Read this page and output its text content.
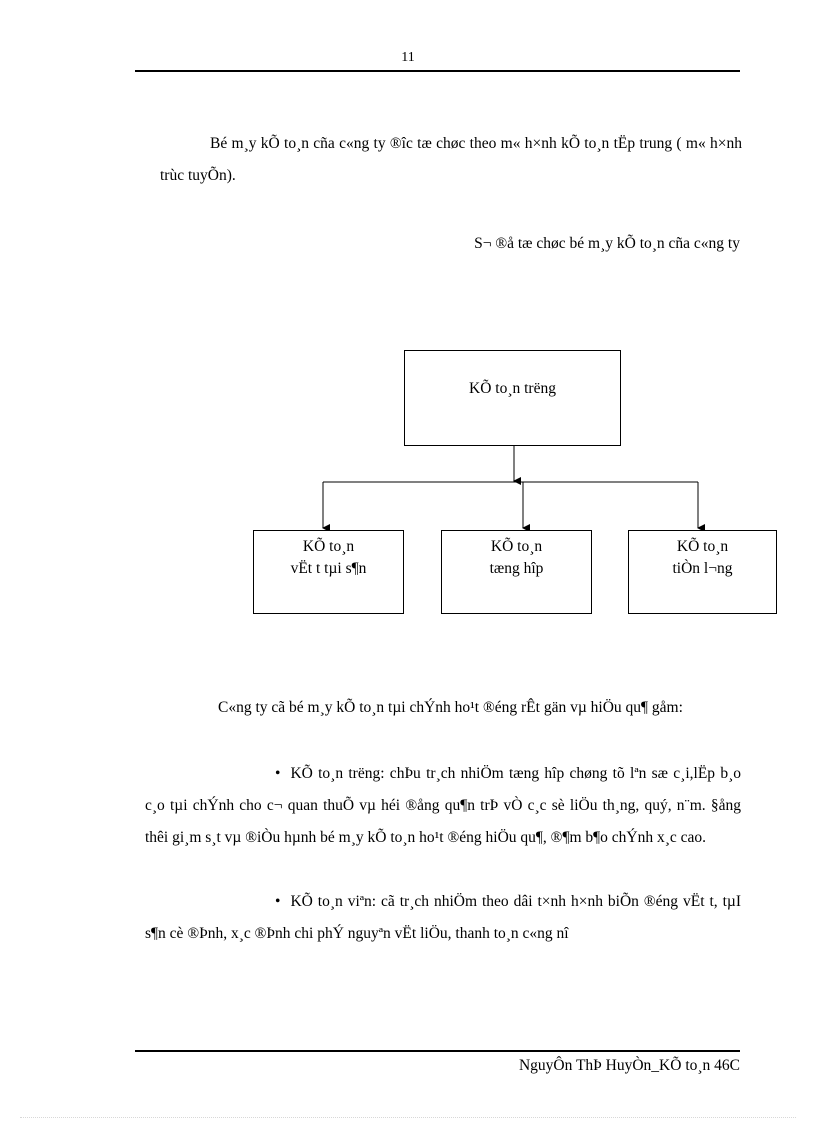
11
Bé m¸y kÕ to¸n cña c«ng ty ®îc tæ chøc theo m« h×nh kÕ to¸n tËp trung ( m« h×nh trùc tuyÕn).
S¬ ®å tæ chøc bé m¸y kÕ to¸n cña c«ng ty
KÕ to¸n trëng
KÕ to¸n
vËt t tµi s¶n
KÕ to¸n
tæng hîp
KÕ to¸n
tiÒn l¬ng
C«ng ty cã bé m¸y kÕ to¸n tµi chÝnh ho¹t ®éng rÊt gän vµ hiÖu qu¶ gåm:
• KÕ to¸n trëng: chÞu tr¸ch nhiÖm tæng hîp chøng tõ lªn sæ c¸i,lËp b¸o c¸o tµi chÝnh cho c¬ quan thuÕ vµ héi ®ång qu¶n trÞ vÒ c¸c sè liÖu th¸ng, quý, n¨m. §ång thêi gi¸m s¸t vµ ®iÒu hµnh bé m¸y kÕ to¸n ho¹t ®éng hiÖu qu¶, ®¶m b¶o chÝnh x¸c cao.
• KÕ to¸n viªn: cã tr¸ch nhiÖm theo dâi t×nh h×nh biÕn ®éng vËt t, tµI s¶n cè ®Þnh, x¸c ®Þnh chi phÝ nguyªn vËt liÖu, thanh to¸n c«ng nî
NguyÔn ThÞ HuyÒn_KÕ to¸n 46C
